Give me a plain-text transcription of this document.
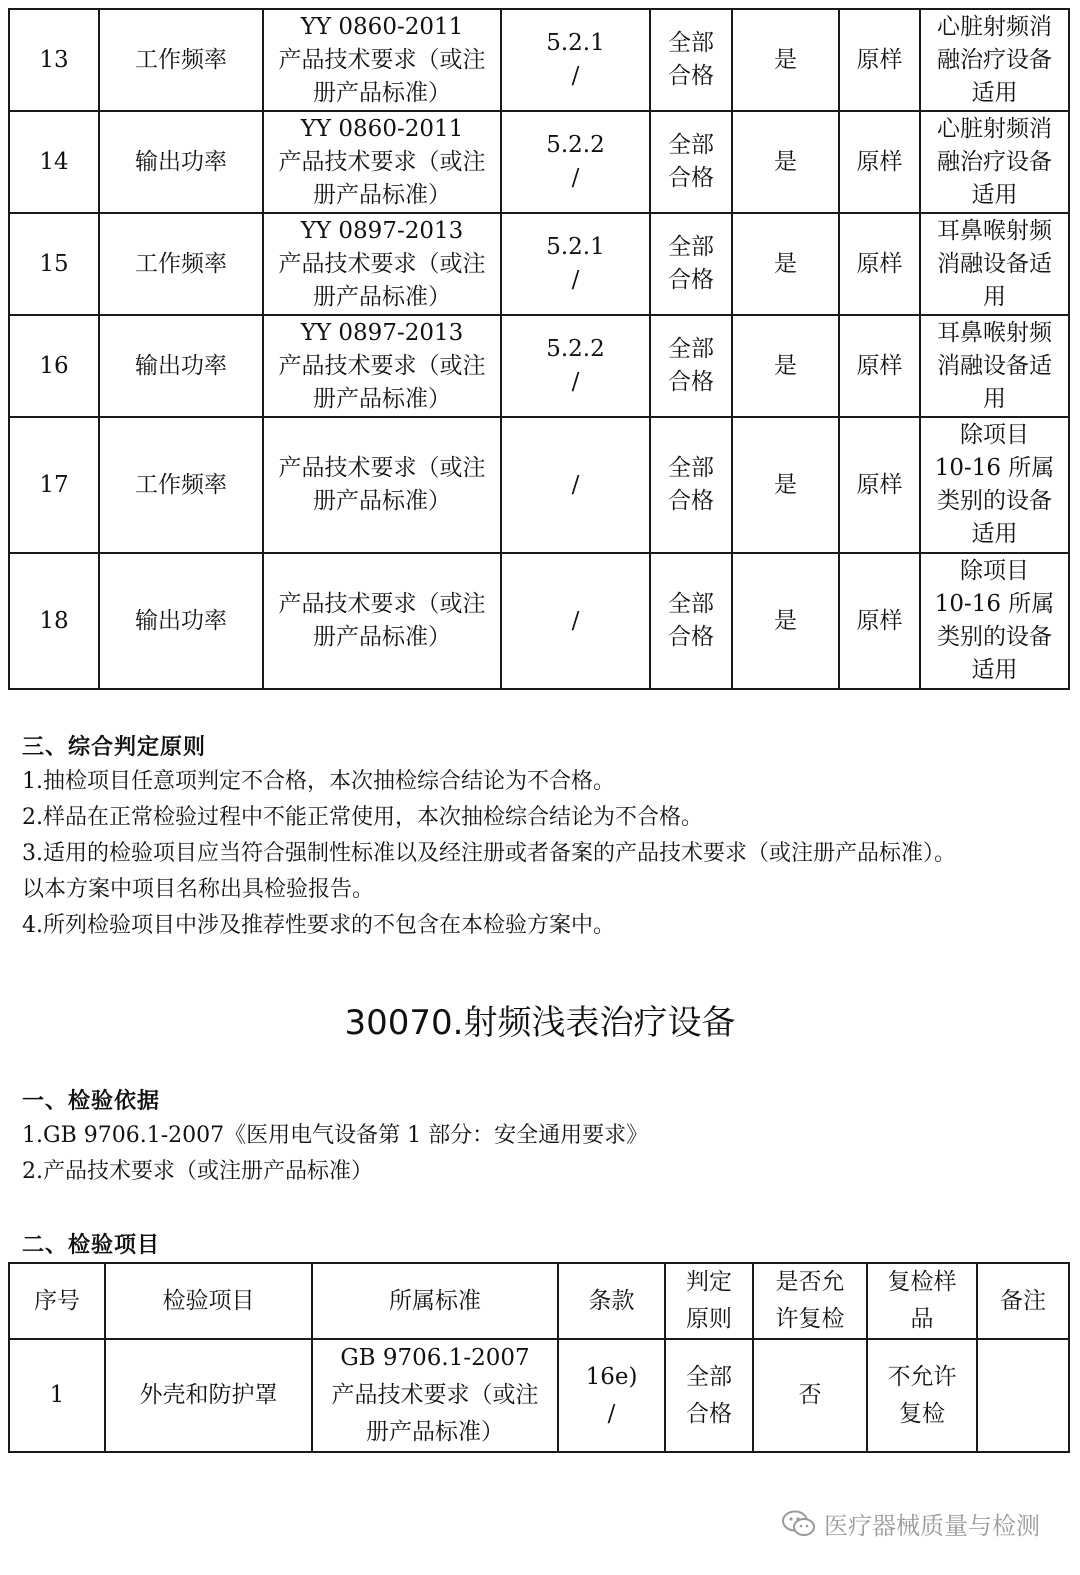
13	工作频率	YY 0860-2011
产品技术要求（或注
册产品标准）	5.2.1
/	全部
合格	是	原样	心脏射频消
融治疗设备
适用
14	输出功率	YY 0860-2011
产品技术要求（或注
册产品标准）	5.2.2
/	全部
合格	是	原样	心脏射频消
融治疗设备
适用
15	工作频率	YY 0897-2013
产品技术要求（或注
册产品标准）	5.2.1
/	全部
合格	是	原样	耳鼻喉射频
消融设备适
用
16	输出功率	YY 0897-2013
产品技术要求（或注
册产品标准）	5.2.2
/	全部
合格	是	原样	耳鼻喉射频
消融设备适
用
17	工作频率	产品技术要求（或注
册产品标准）	/	全部
合格	是	原样	除项目
10-16 所属
类别的设备
适用
18	输出功率	产品技术要求（或注
册产品标准）	/	全部
合格	是	原样	除项目
10-16 所属
类别的设备
适用
三、综合判定原则

1.抽检项目任意项判定不合格，本次抽检综合结论为不合格。

2.样品在正常检验过程中不能正常使用，本次抽检综合结论为不合格。

3.适用的检验项目应当符合强制性标准以及经注册或者备案的产品技术要求（或注册产品标准）。

以本方案中项目名称出具检验报告。

4.所列检验项目中涉及推荐性要求的不包含在本检验方案中。

30070.射频浅表治疗设备
一、检验依据

1.GB 9706.1-2007《医用电气设备第 1 部分：安全通用要求》

2.产品技术要求（或注册产品标准）

二、检验项目
序号	检验项目	所属标准	条款	判定
原则	是否允
许复检	复检样
品	备注
1	外壳和防护罩	GB 9706.1-2007
产品技术要求（或注
册产品标准）	16e)
/	全部
合格	否	不允许
复检	
医疗器械质量与检测
